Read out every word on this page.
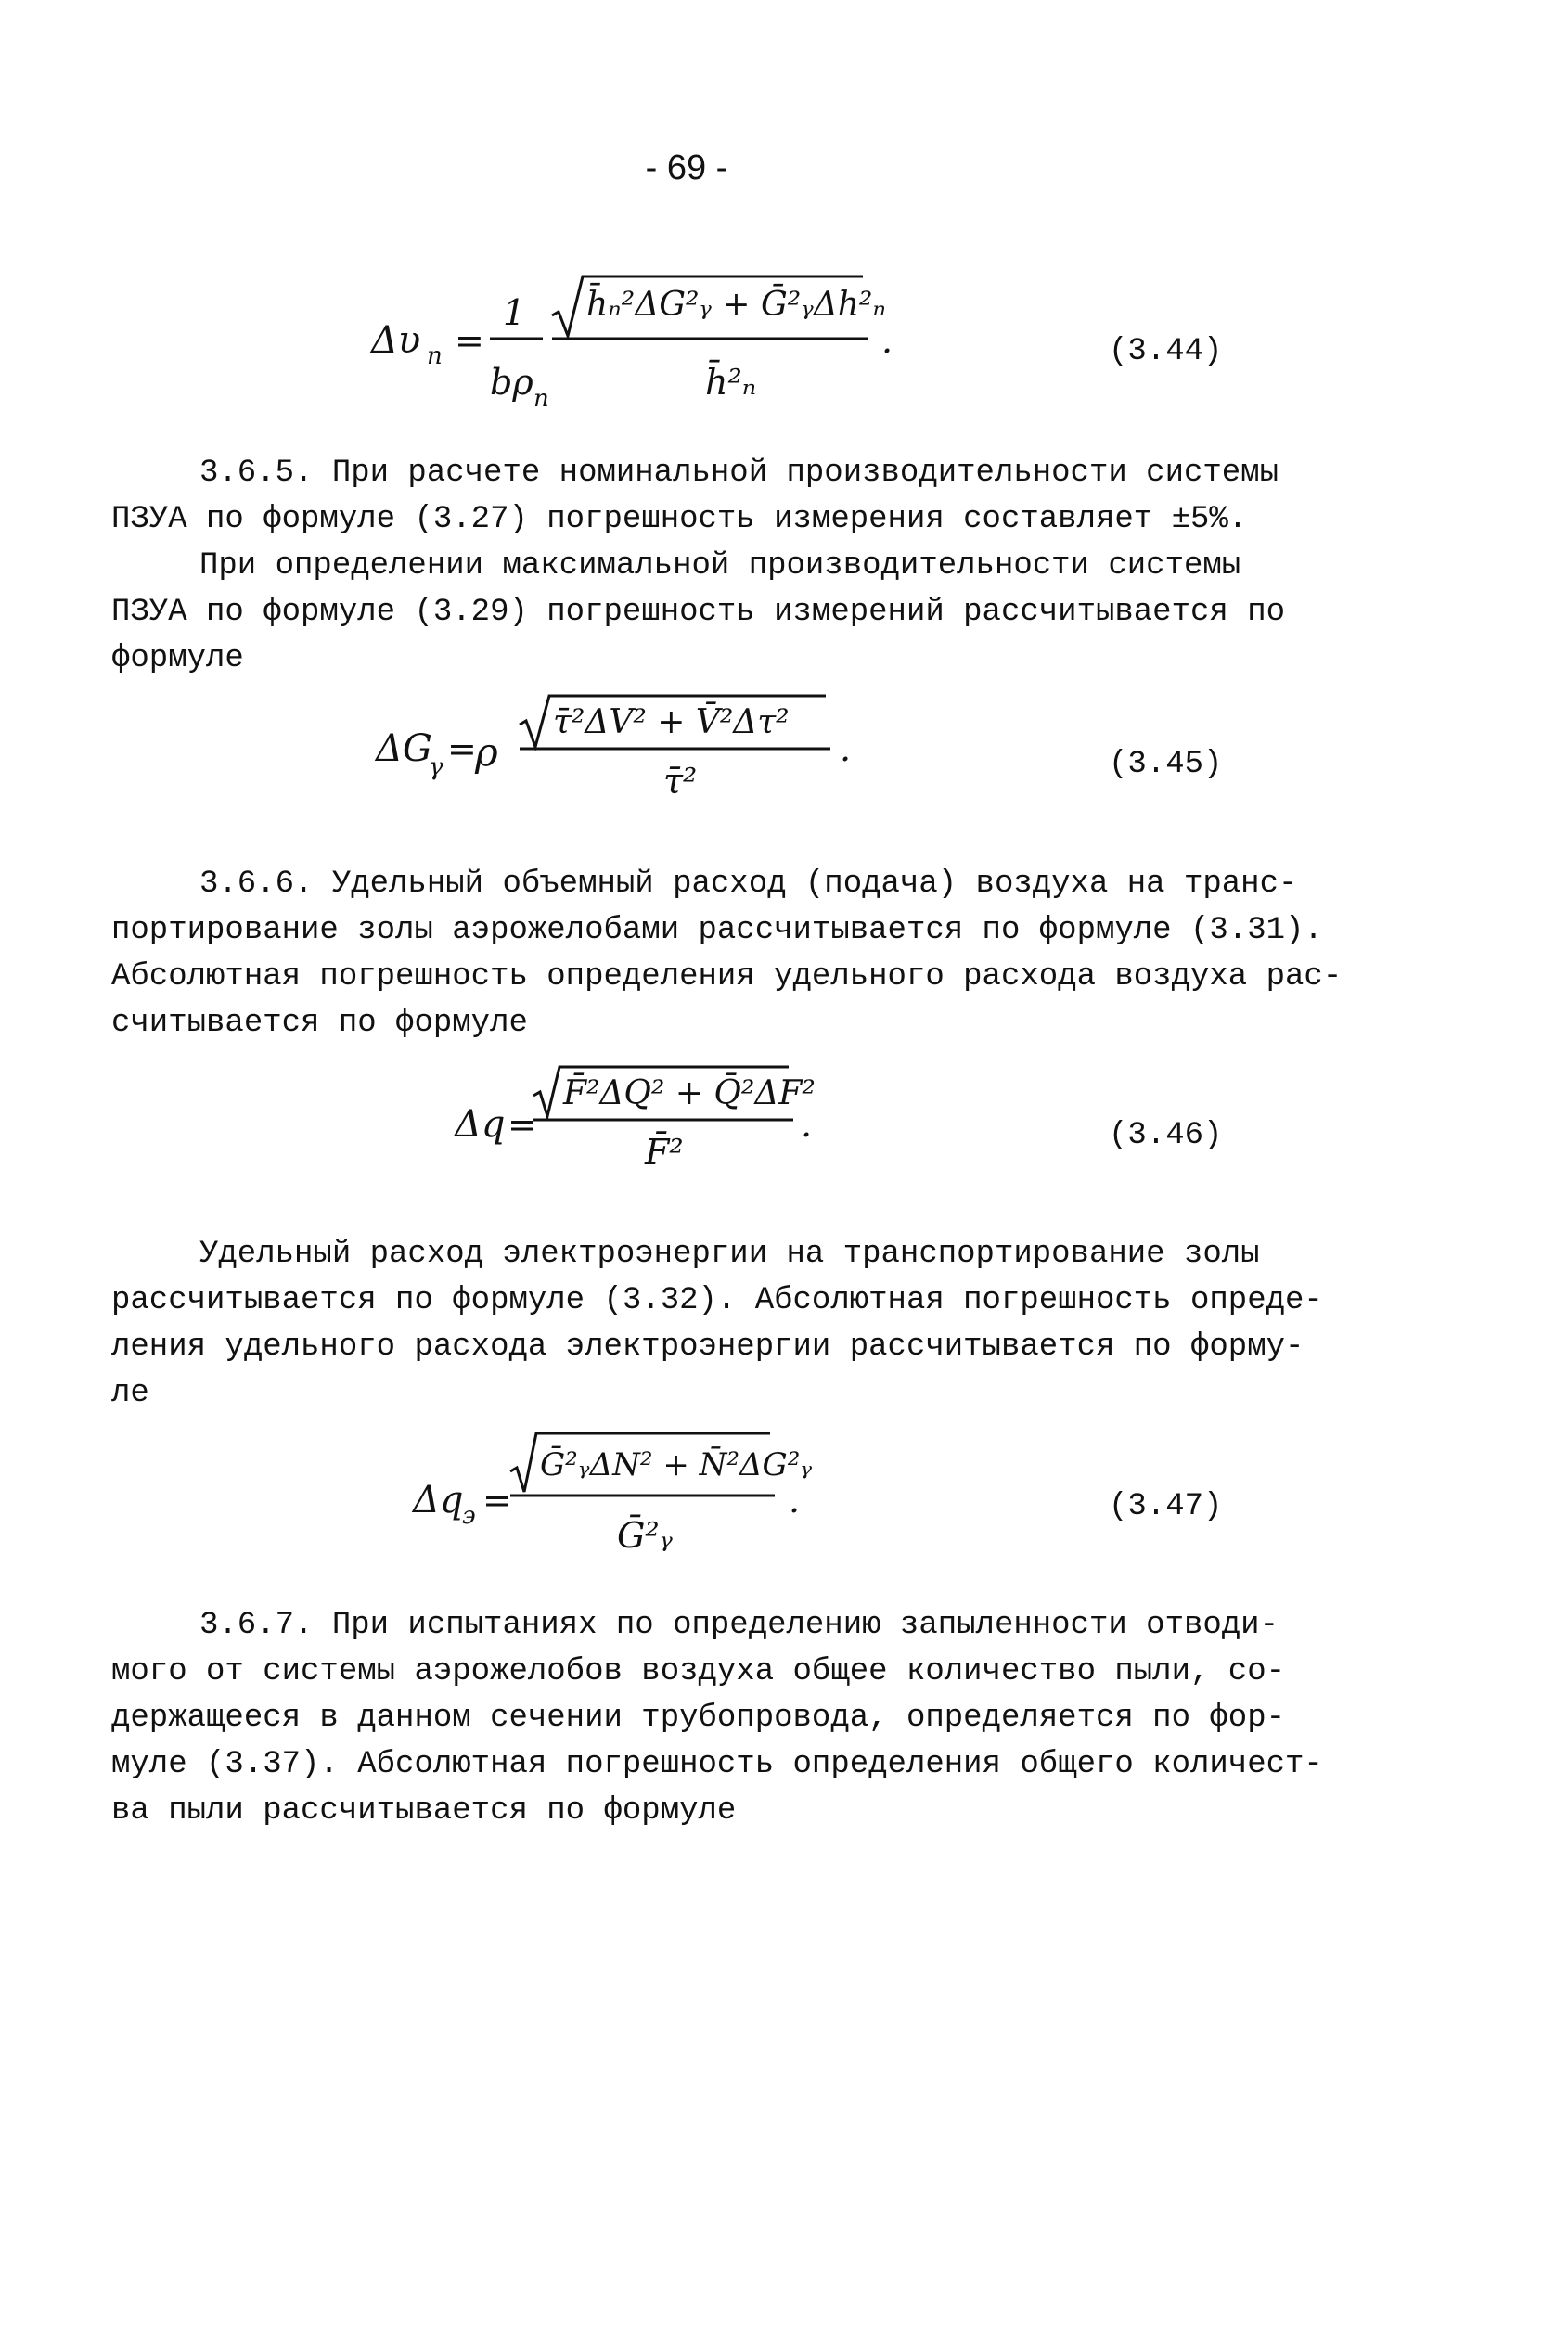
- 69 -
Δυ n =
1
bρ n
h̄ₙ²ΔG²ᵧ + Ḡ²ᵧΔh²ₙ
h̄²ₙ
.	(3.44)
3.6.5. При расчете номинальной производительности системы
ПЗУА по формуле (3.27) погрешность измерения составляет ±5%.
При определении максимальной производительности системы
ПЗУА по формуле (3.29) погрешность измерений рассчитывается по
формуле
ΔG
γ =
ρ
τ̄²ΔV² + V̄²Δτ²
τ̄²
.	(3.45)
3.6.6. Удельный объемный расход (подача) воздуха на транс-
портирование золы аэрожелобами рассчитывается по формуле (3.31).
Абсолютная погрешность определения удельного расхода воздуха рас-
считывается по формуле
Δq =
F̄²ΔQ² + Q̄²ΔF²
F̄²
.	(3.46)
Удельный расход электроэнергии на транспортирование золы
рассчитывается по формуле (3.32). Абсолютная погрешность опреде-
ления удельного расхода электроэнергии рассчитывается по форму-
ле
Δq
э =
Ḡ²ᵧΔN² + N̄²ΔG²ᵧ
Ḡ²ᵧ
.	(3.47)
3.6.7. При испытаниях по определению запыленности отводи-
мого от системы аэрожелобов воздуха общее количество пыли, со-
держащееся в данном сечении трубопровода, определяется по фор-
муле (3.37). Абсолютная погрешность определения общего количест-
ва пыли рассчитывается по формуле
